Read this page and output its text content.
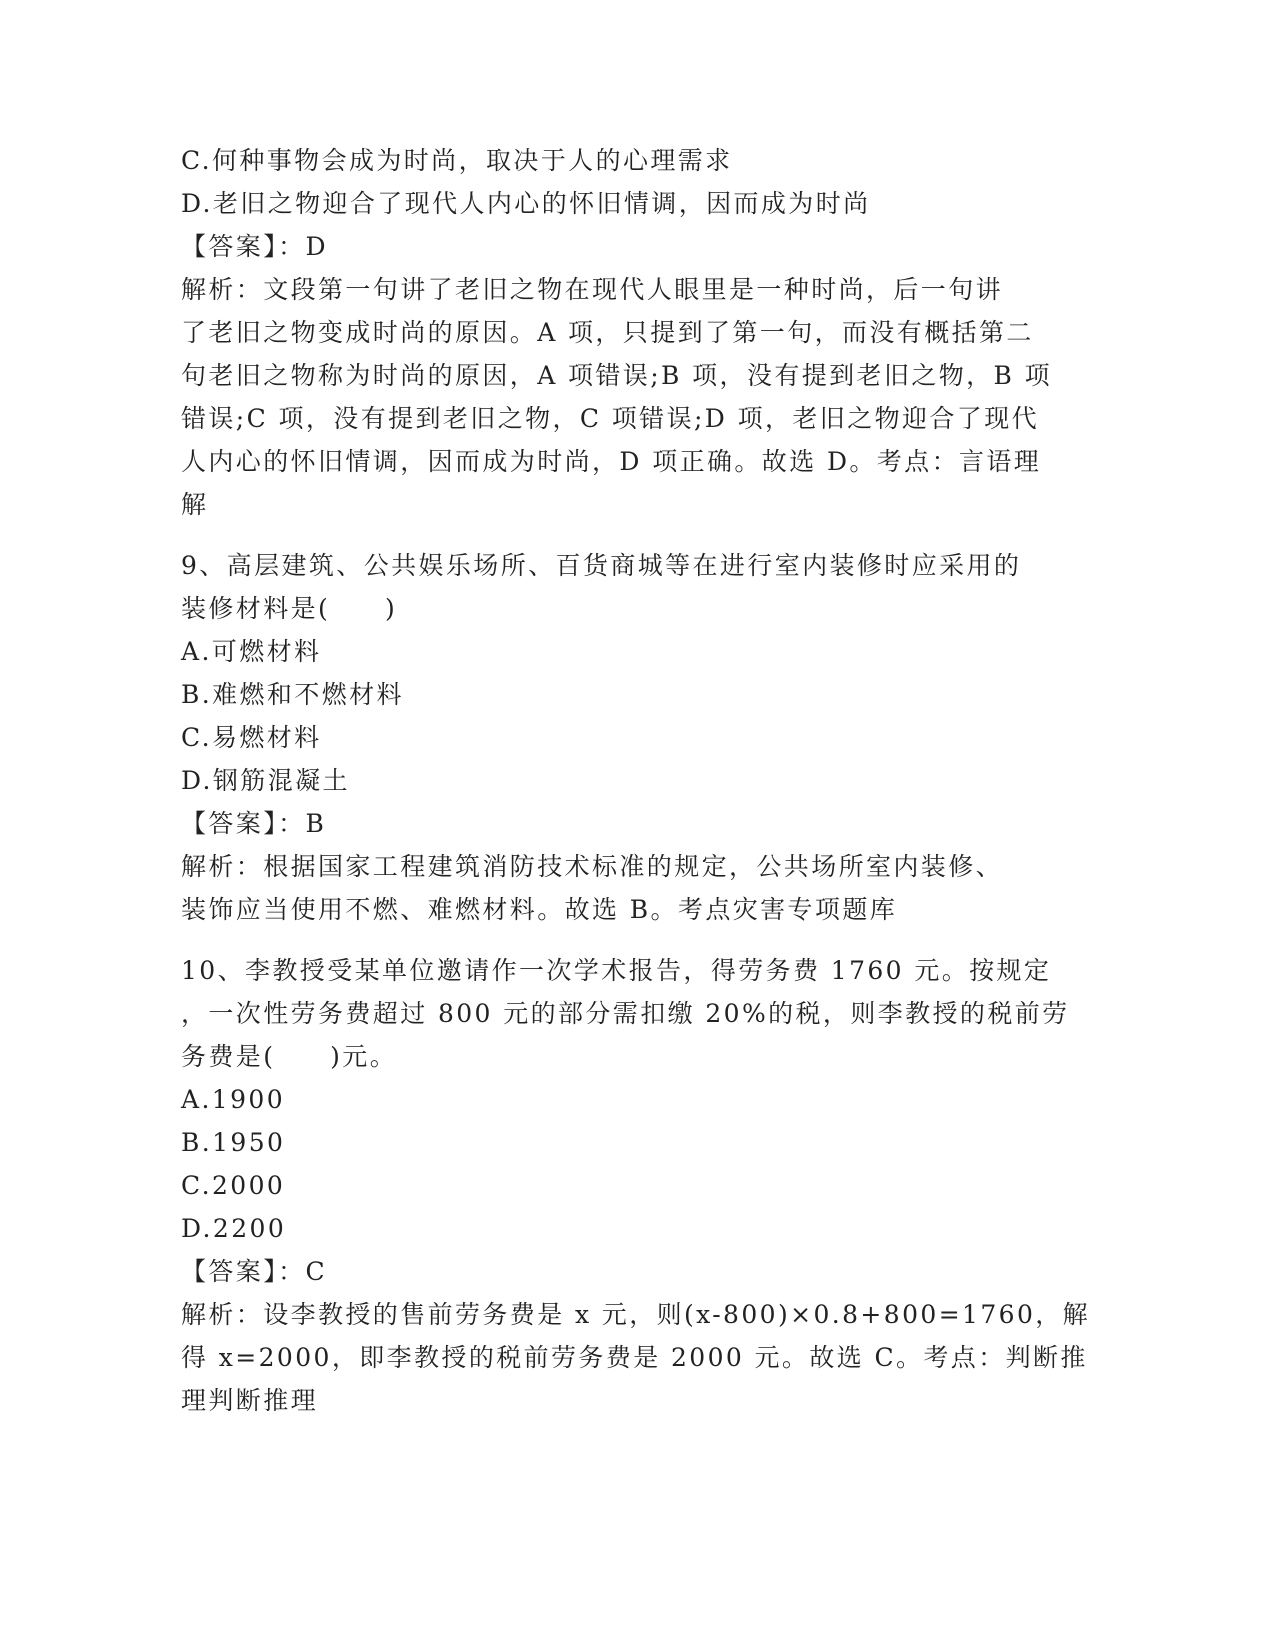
C.何种事物会成为时尚，取决于人的心理需求
D.老旧之物迎合了现代人内心的怀旧情调，因而成为时尚
【答案】：D
解析：文段第一句讲了老旧之物在现代人眼里是一种时尚，后一句讲
了老旧之物变成时尚的原因。A 项，只提到了第一句，而没有概括第二
句老旧之物称为时尚的原因，A 项错误;B 项，没有提到老旧之物，B 项
错误;C 项，没有提到老旧之物，C 项错误;D 项，老旧之物迎合了现代
人内心的怀旧情调，因而成为时尚，D 项正确。故选 D。考点：言语理
解
9、高层建筑、公共娱乐场所、百货商城等在进行室内装修时应采用的
装修材料是(　　)
A.可燃材料
B.难燃和不燃材料
C.易燃材料
D.钢筋混凝土
【答案】：B
解析：根据国家工程建筑消防技术标准的规定，公共场所室内装修、
装饰应当使用不燃、难燃材料。故选 B。考点灾害专项题库
10、李教授受某单位邀请作一次学术报告，得劳务费 1760 元。按规定
，一次性劳务费超过 800 元的部分需扣缴 20%的税，则李教授的税前劳
务费是(　　)元。
A.1900
B.1950
C.2000
D.2200
【答案】：C
解析：设李教授的售前劳务费是 x 元，则(x-800)×0.8+800=1760，解
得 x=2000，即李教授的税前劳务费是 2000 元。故选 C。考点：判断推
理判断推理
